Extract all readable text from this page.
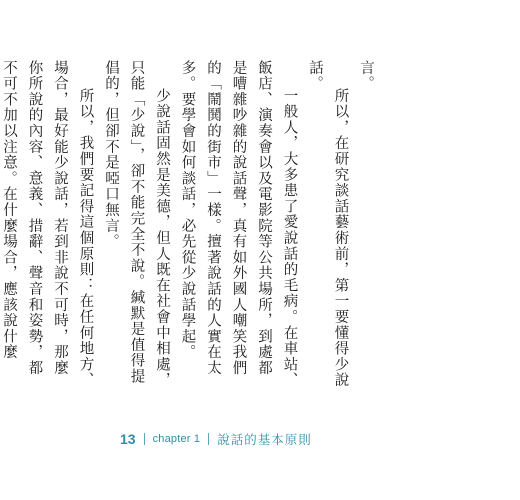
言。

所以，在研究談話藝術前，第一要懂得少說話。

一般人，大多患了愛說話的毛病。在車站、飯店、演奏會以及電影院等公共場所，到處都是嘈雜吵雜的說話聲，真有如外國人嘲笑我們的「鬧鬨的街市」一樣。擅著說話的人實在太多。要學會如何談話，必先從少說話學起。

少說話固然是美德，但人既在社會中相處，只能「少說」，卻不能完全不說。緘默是值得提倡的，但卻不是啞口無言。

所以，我們要記得這個原則：在任何地方、場合，最好能少說話，若到非說不可時，那麼你所說的內容、意義、措辭、聲音和姿勢，都不可不加以注意。在什麼場合，應該說什麼

13 chapter 1 說話的基本原則
